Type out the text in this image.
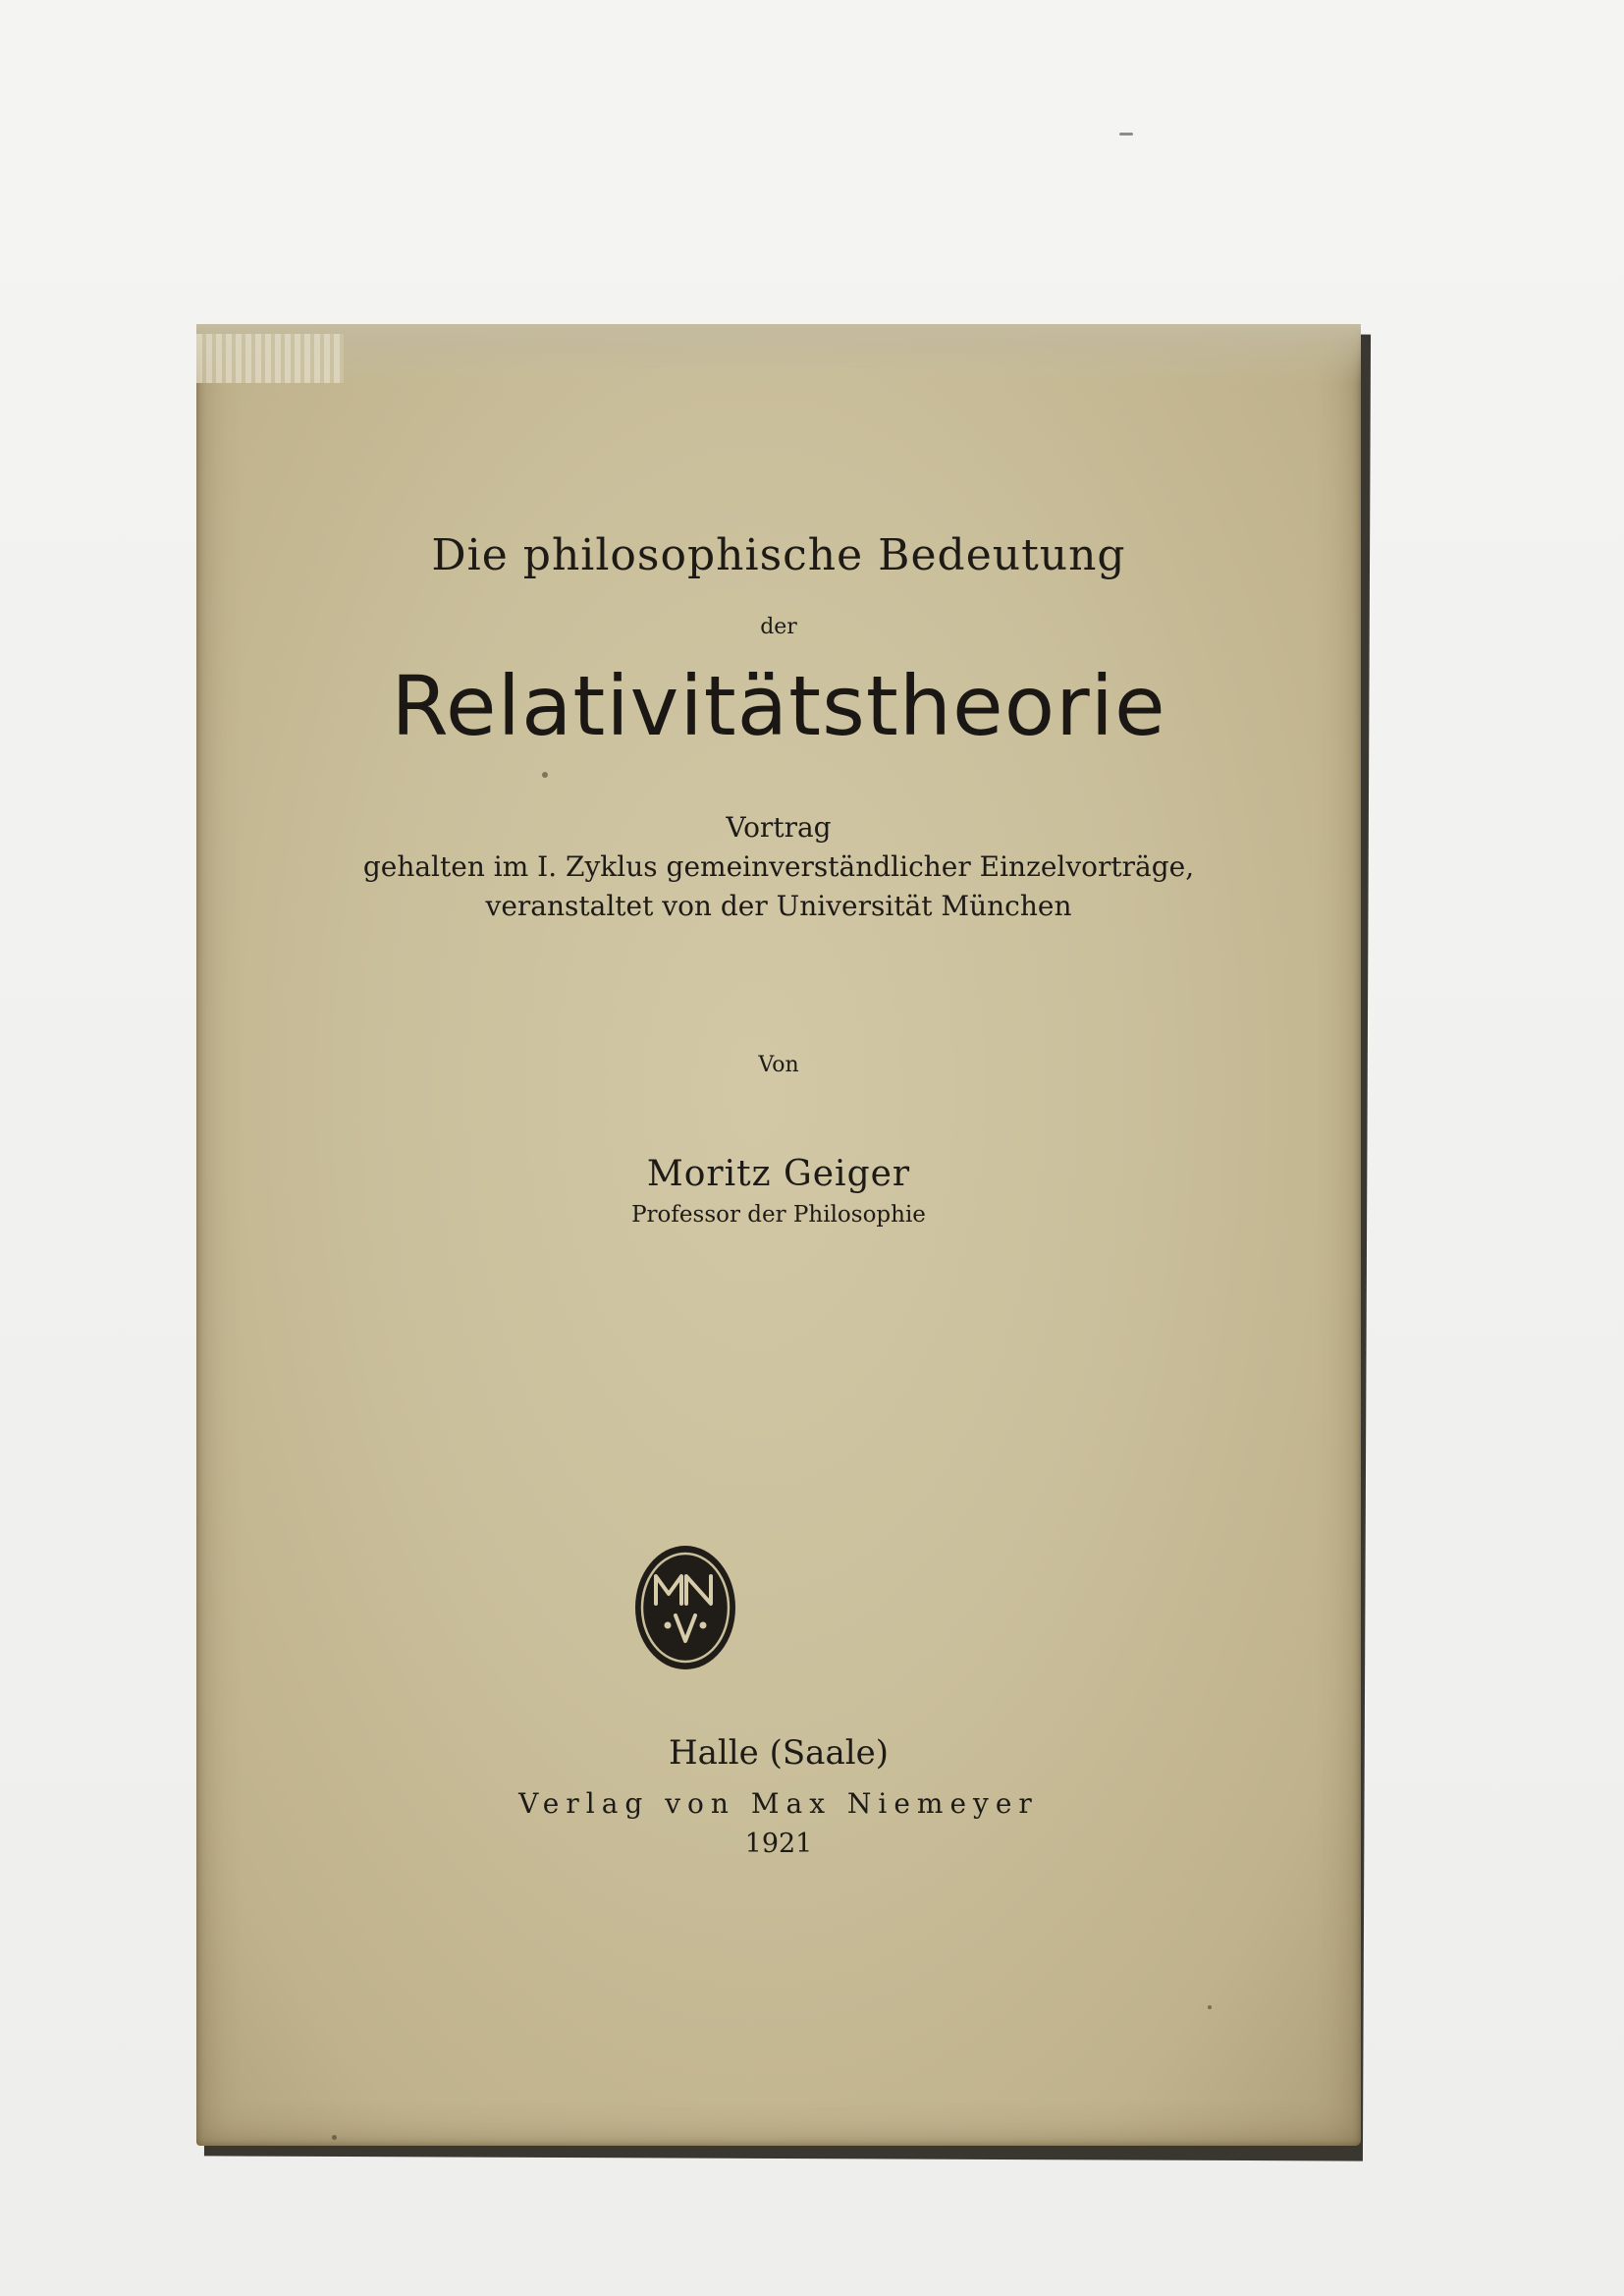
Die philosophische Bedeutung

der

Relativitätstheorie

Vortrag

gehalten im I. Zyklus gemeinverständlicher Einzelvorträge,

veranstaltet von der Universität München

Von

Moritz Geiger

Professor der Philosophie

Halle (Saale)

Verlag von Max Niemeyer

1921
